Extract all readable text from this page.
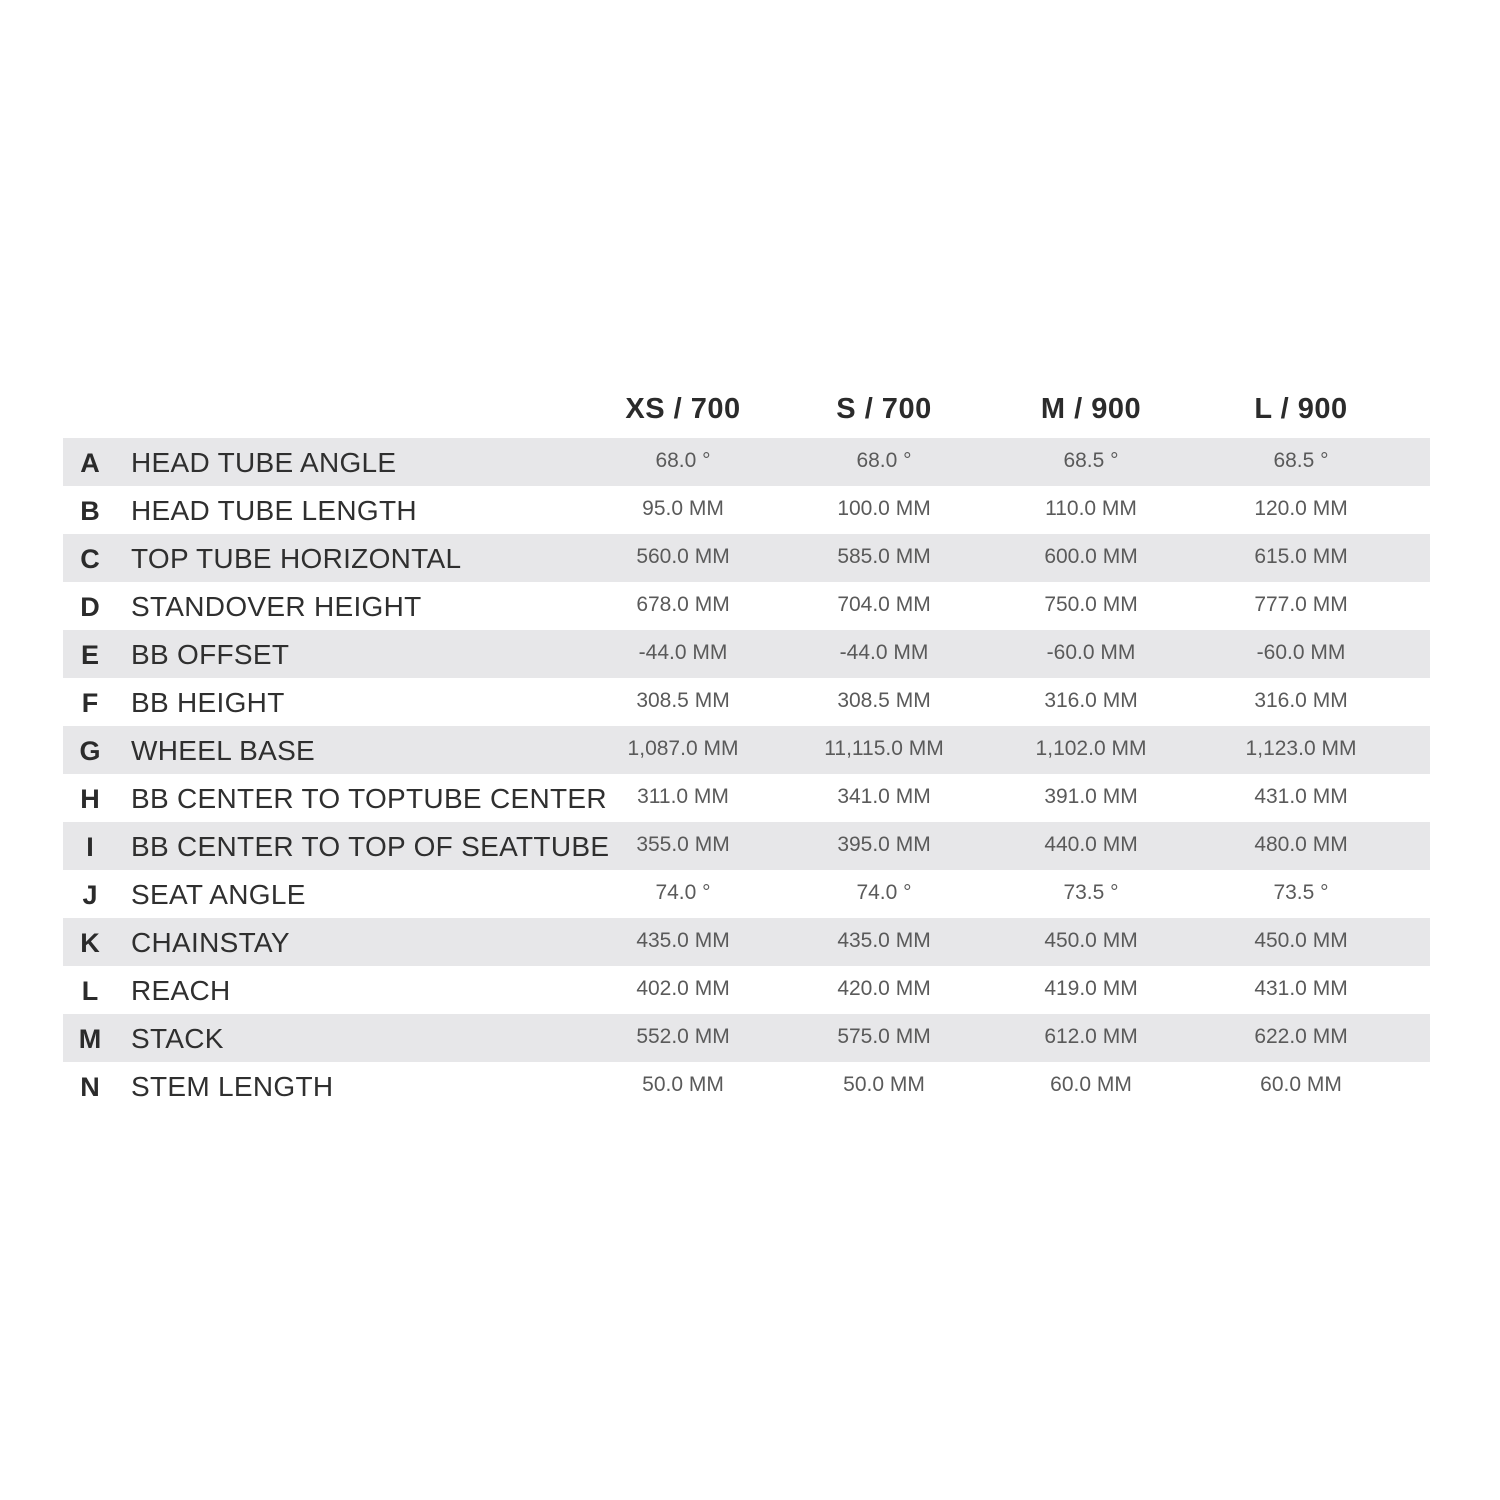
XS / 700	S / 700	M / 900	L / 900
A HEAD TUBE ANGLE	68.0 °	68.0 °	68.5 °	68.5 °
B HEAD TUBE LENGTH	95.0 MM	100.0 MM	110.0 MM	120.0 MM
C TOP TUBE HORIZONTAL	560.0 MM	585.0 MM	600.0 MM	615.0 MM
D STANDOVER HEIGHT	678.0 MM	704.0 MM	750.0 MM	777.0 MM
E BB OFFSET	-44.0 MM	-44.0 MM	-60.0 MM	-60.0 MM
F BB HEIGHT	308.5 MM	308.5 MM	316.0 MM	316.0 MM
G WHEEL BASE	1,087.0 MM	11,115.0 MM	1,102.0 MM	1,123.0 MM
H BB CENTER TO TOPTUBE CENTER 311.0 MM	341.0 MM	391.0 MM	431.0 MM
I BB CENTER TO TOP OF SEATTUBE 355.0 MM	395.0 MM	440.0 MM	480.0 MM
J SEAT ANGLE	74.0 °	74.0 °	73.5 °	73.5 °
K CHAINSTAY	435.0 MM	435.0 MM	450.0 MM	450.0 MM
L REACH	402.0 MM	420.0 MM	419.0 MM	431.0 MM
M STACK	552.0 MM	575.0 MM	612.0 MM	622.0 MM
N STEM LENGTH	50.0 MM	50.0 MM	60.0 MM	60.0 MM
